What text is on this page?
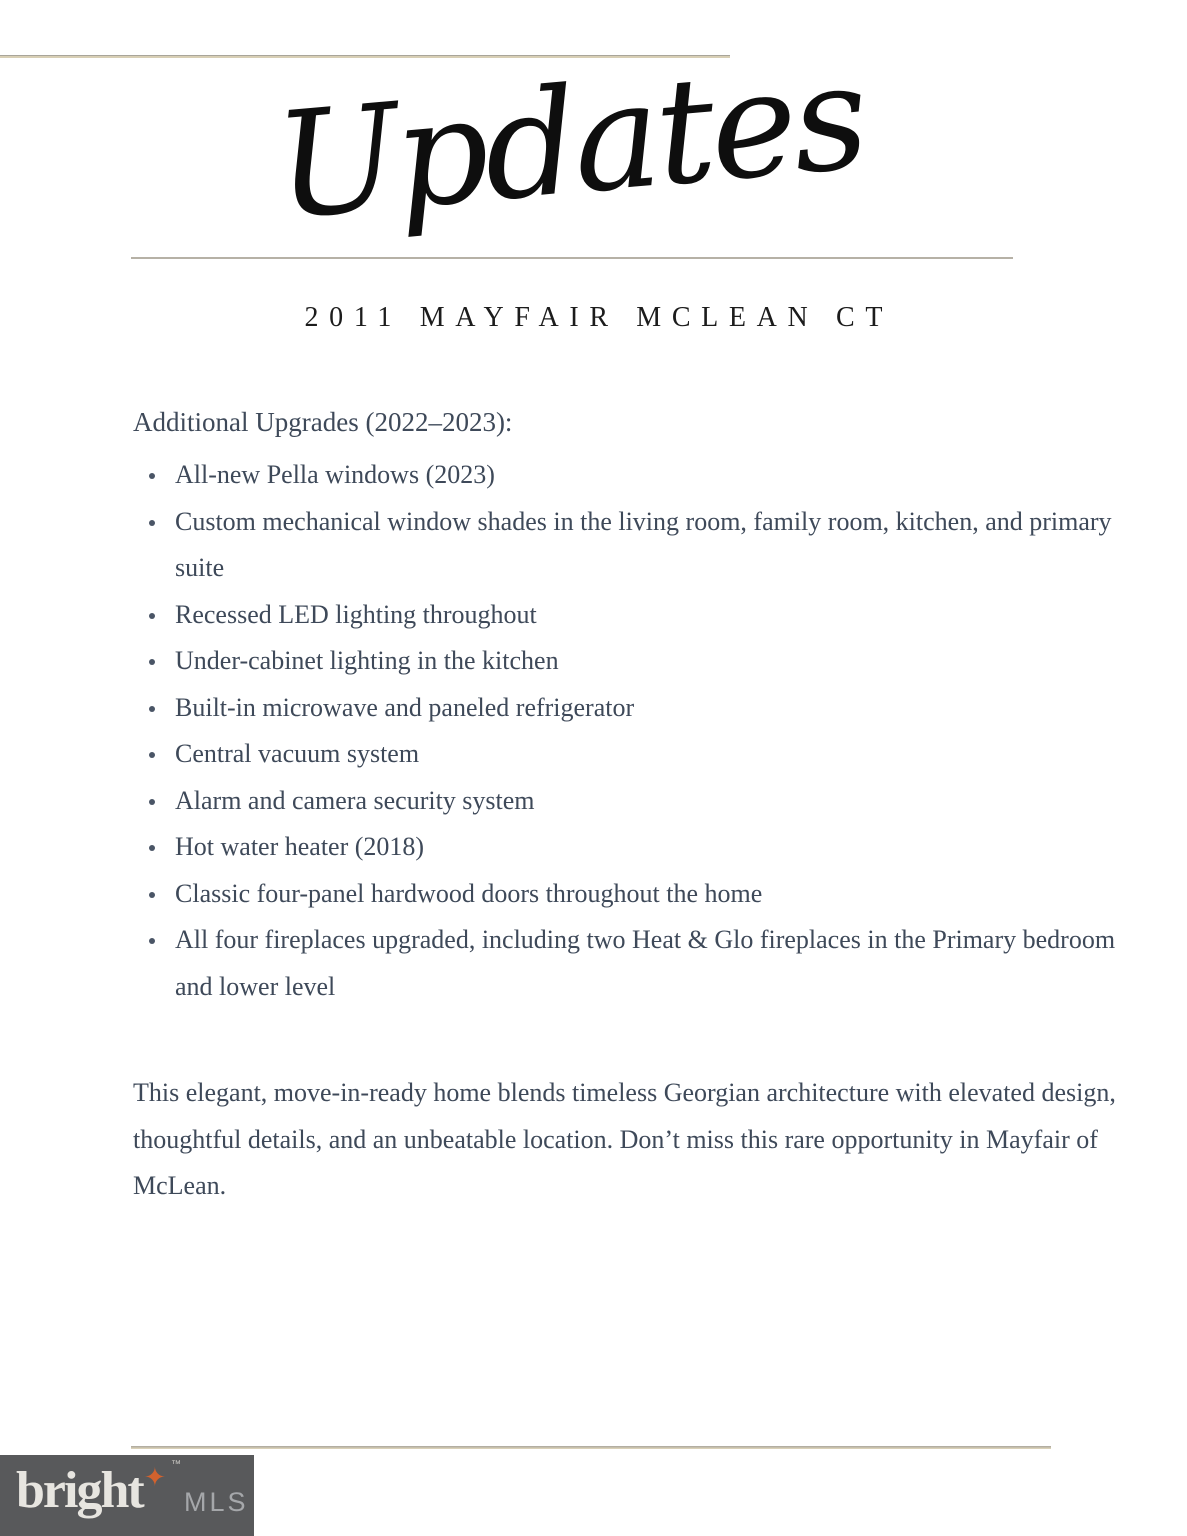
Updates
2011 MAYFAIR MCLEAN CT

Additional Upgrades (2022–2023):

All-new Pella windows (2023)
Custom mechanical window shades in the living room, family room, kitchen, and primary suite
Recessed LED lighting throughout
Under-cabinet lighting in the kitchen
Built-in microwave and paneled refrigerator
Central vacuum system
Alarm and camera security system
Hot water heater (2018)
Classic four-panel hardwood doors throughout the home
All four fireplaces upgraded, including two Heat & Glo fireplaces in the Primary bedroom and lower level

This elegant, move-in-ready home blends timeless Georgian architecture with elevated design, thoughtful details, and an unbeatable location. Don’t miss this rare opportunity in Mayfair of McLean.

bright ✦ ™
MLS
